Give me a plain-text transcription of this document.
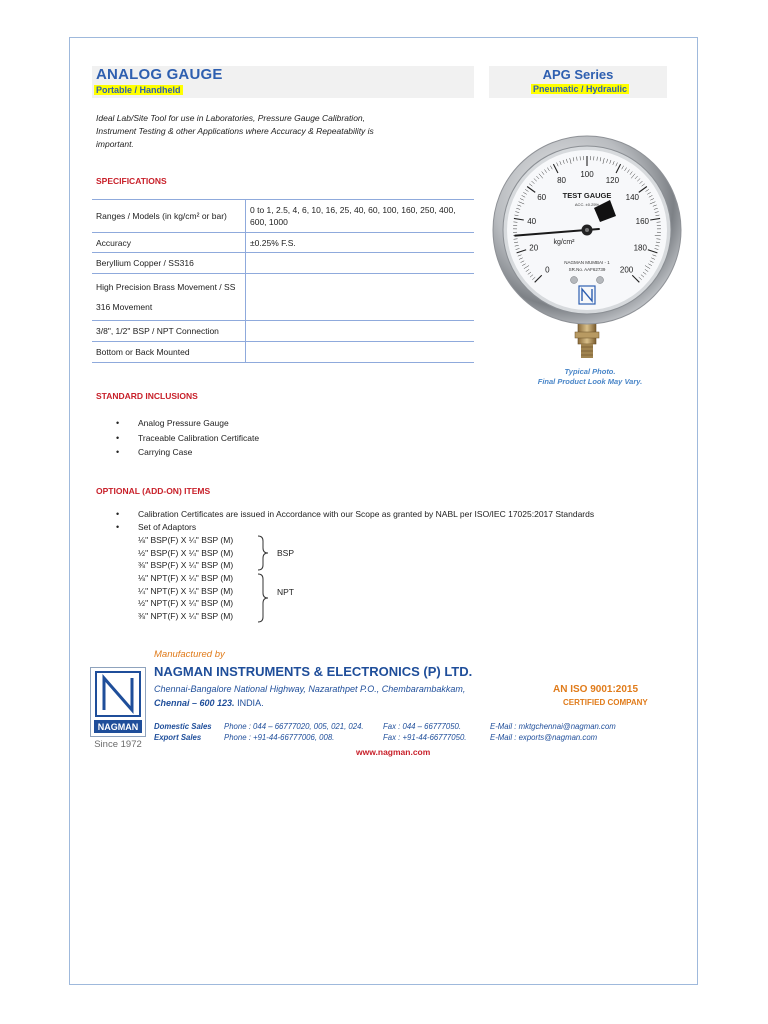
ANALOG GAUGE
Portable / Handheld
APG Series
Pneumatic / Hydraulic
Ideal Lab/Site Tool for use in Laboratories, Pressure Gauge Calibration, Instrument Testing & other Applications where Accuracy & Repeatability is important.
SPECIFICATIONS
Ranges / Models (in kg/cm² or bar)	0 to 1, 2.5, 4, 6, 10, 16, 25, 40, 60, 100, 160, 250, 400, 600, 1000
Accuracy	±0.25% F.S.
Beryllium Copper / SS316	
High Precision Brass Movement / SS 316 Movement	
3/8", 1/2" BSP / NPT Connection	
Bottom or Back Mounted	
0
20
40
60
80
100
120
140
160
180
200
TEST GAUGE
ACC. ±0.25%
kg/cm²
NAGMAN MUMBAI - 1
SR.No. AAF62739
Typical Photo.
Final Product Look May Vary.
STANDARD INCLUSIONS
• Analog Pressure Gauge
• Traceable Calibration Certificate
• Carrying Case
OPTIONAL (ADD-ON) ITEMS
• Calibration Certificates are issued in Accordance with our Scope as granted by NABL per ISO/IEC 17025:2017 Standards
• Set of Adaptors
⅛" BSP(F) X ¼" BSP (M)
½" BSP(F) X ¼" BSP (M)
⅜" BSP(F) X ¼" BSP (M)
⅛" NPT(F) X ¼" BSP (M)
¼" NPT(F) X ¼" BSP (M)
½" NPT(F) X ¼" BSP (M)
⅜" NPT(F) X ¼" BSP (M)
BSP
NPT
NAGMAN
Since 1972
Manufactured by
NAGMAN INSTRUMENTS & ELECTRONICS (P) LTD.
Chennai-Bangalore National Highway, Nazarathpet P.O., Chembarambakkam,
Chennai – 600 123. INDIA.
AN ISO 9001:2015
CERTIFIED COMPANY
Domestic Sales Phone : 044 – 66777020, 005, 021, 024. Fax : 044 – 66777050.	E-Mail : mktgchennai@nagman.com
Export Sales	Phone : +91-44-66777006, 008.	Fax : +91-44-66777050.	E-Mail : exports@nagman.com
www.nagman.com
